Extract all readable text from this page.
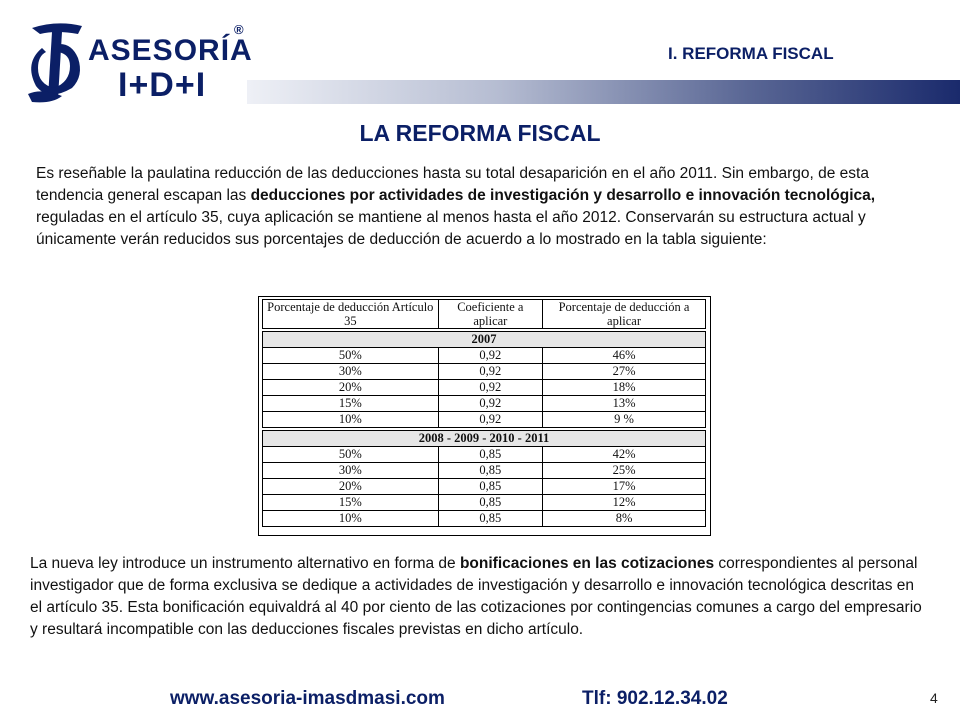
ASESORÍA
I+D+I
®
I. REFORMA FISCAL
LA REFORMA FISCAL
Es reseñable la paulatina reducción de las deducciones hasta su total desaparición en el año 2011. Sin embargo, de esta tendencia general escapan las deducciones por actividades de investigación y desarrollo e innovación tecnológica, reguladas en el artículo 35, cuya aplicación se mantiene al menos hasta el año 2012. Conservarán su estructura actual y únicamente verán reducidos sus porcentajes de deducción de acuerdo a lo mostrado en la tabla siguiente:
Porcentaje de deducción Artículo 35	Coeficiente a aplicar	Porcentaje de deducción a aplicar

2007		
50%	0,92	46%
30%	0,92	27%
20%	0,92	18%
15%	0,92	13%
10%	0,92	9 %

2008 - 2009 - 2010 - 2011		
50%	0,85	42%
30%	0,85	25%
20%	0,85	17%
15%	0,85	12%
10%	0,85	8%
La nueva ley introduce un instrumento alternativo en forma de bonificaciones en las cotizaciones correspondientes al personal investigador que de forma exclusiva se dedique a actividades de investigación y desarrollo e innovación tecnológica descritas en el artículo 35. Esta bonificación equivaldrá al 40 por ciento de las cotizaciones por contingencias comunes a cargo del empresario y resultará incompatible con las deducciones fiscales previstas en dicho artículo.
www.asesoria-imasdmasi.com	Tlf: 902.12.34.02	4
